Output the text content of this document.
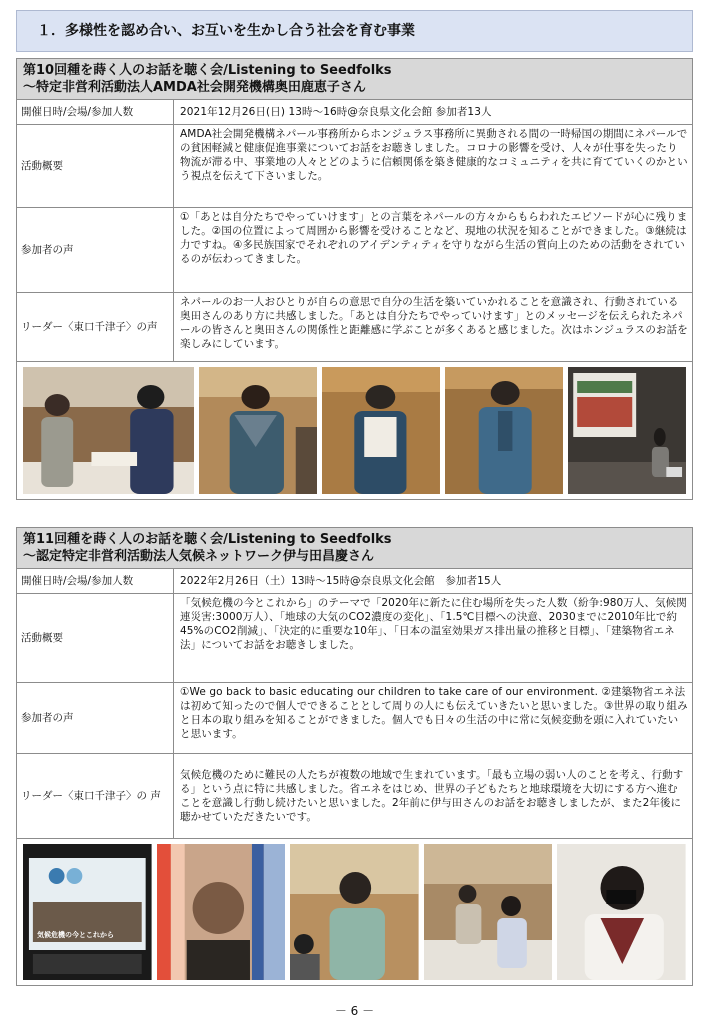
１．多様性を認め合い、お互いを生かし合う社会を育む事業
第10回種を蒔く人のお話を聴く会/Listening to Seedfolks
～特定非営利活動法人AMDA社会開発機構奥田鹿恵子さん
開催日時/会場/参加人数	2021年12月26日(日) 13時～16時@奈良県文化会館 参加者13人
活動概要
AMDA社会開発機構ネパール事務所からホンジュラス事務所に異動される間の一時帰国の期間にネパールでの貧困軽減と健康促進事業についてお話をお聴きしました。コロナの影響を受け、人々が仕事を失ったり物流が滞る中、事業地の人々とどのように信頼関係を築き健康的なコミュニティを共に育てていくのかという視点を伝えて下さいました。
参加者の声
①「あとは自分たちでやっていけます」との言葉をネパールの方々からもらわれたエピソードが心に残りました。②国の位置によって周囲から影響を受けることなど、現地の状況を知ることができました。③継続は力ですね。④多民族国家でそれぞれのアイデンティティを守りながら生活の質向上のための活動をされているのが伝わってきました。
リーダー〈東口千津子〉の声
ネパールのお一人おひとりが自らの意思で自分の生活を築いていかれることを意識され、行動されている奥田さんのあり方に共感しました。「あとは自分たちでやっていけます」とのメッセージを伝えられたネパールの皆さんと奥田さんの関係性と距離感に学ぶことが多くあると感じました。次はホンジュラスのお話を楽しみにしています。
第11回種を蒔く人のお話を聴く会/Listening to Seedfolks
～認定特定非営利活動法人気候ネットワーク伊与田昌慶さん
開催日時/会場/参加人数	2022年2月26日（土）13時～15時@奈良県文化会館　参加者15人
活動概要
「気候危機の今とこれから」のテーマで「2020年に新たに住む場所を失った人数（紛争:980万人、気候関連災害:3000万人）、「地球の大気のCO2濃度の変化」、「1.5℃目標への決意、2030までに2010年比で約45%のCO2削減」、「決定的に重要な10年」、「日本の温室効果ガス排出量の推移と目標」、「建築物省エネ法」についてお話をお聴きしました。
参加者の声
①We go back to basic educating our children to take care of our environment. ②建築物省エネ法は初めて知ったので個人でできることとして周りの人にも伝えていきたいと思いました。③世界の取り組みと日本の取り組みを知ることができました。個人でも日々の生活の中に常に気候変動を頭に入れていたいと思います。
リーダー〈東口千津子〉の 声
気候危機のために難民の人たちが複数の地域で生まれています。「最も立場の弱い人のことを考え、行動する」という点に特に共感しました。省エネをはじめ、世界の子どもたちと地球環境を大切にする方へ進むことを意識し行動し続けたいと思いました。2年前に伊与田さんのお話をお聴きしましたが、また2年後に聴かせていただきたいです。
気候危機の今とこれから
－ 6 －
